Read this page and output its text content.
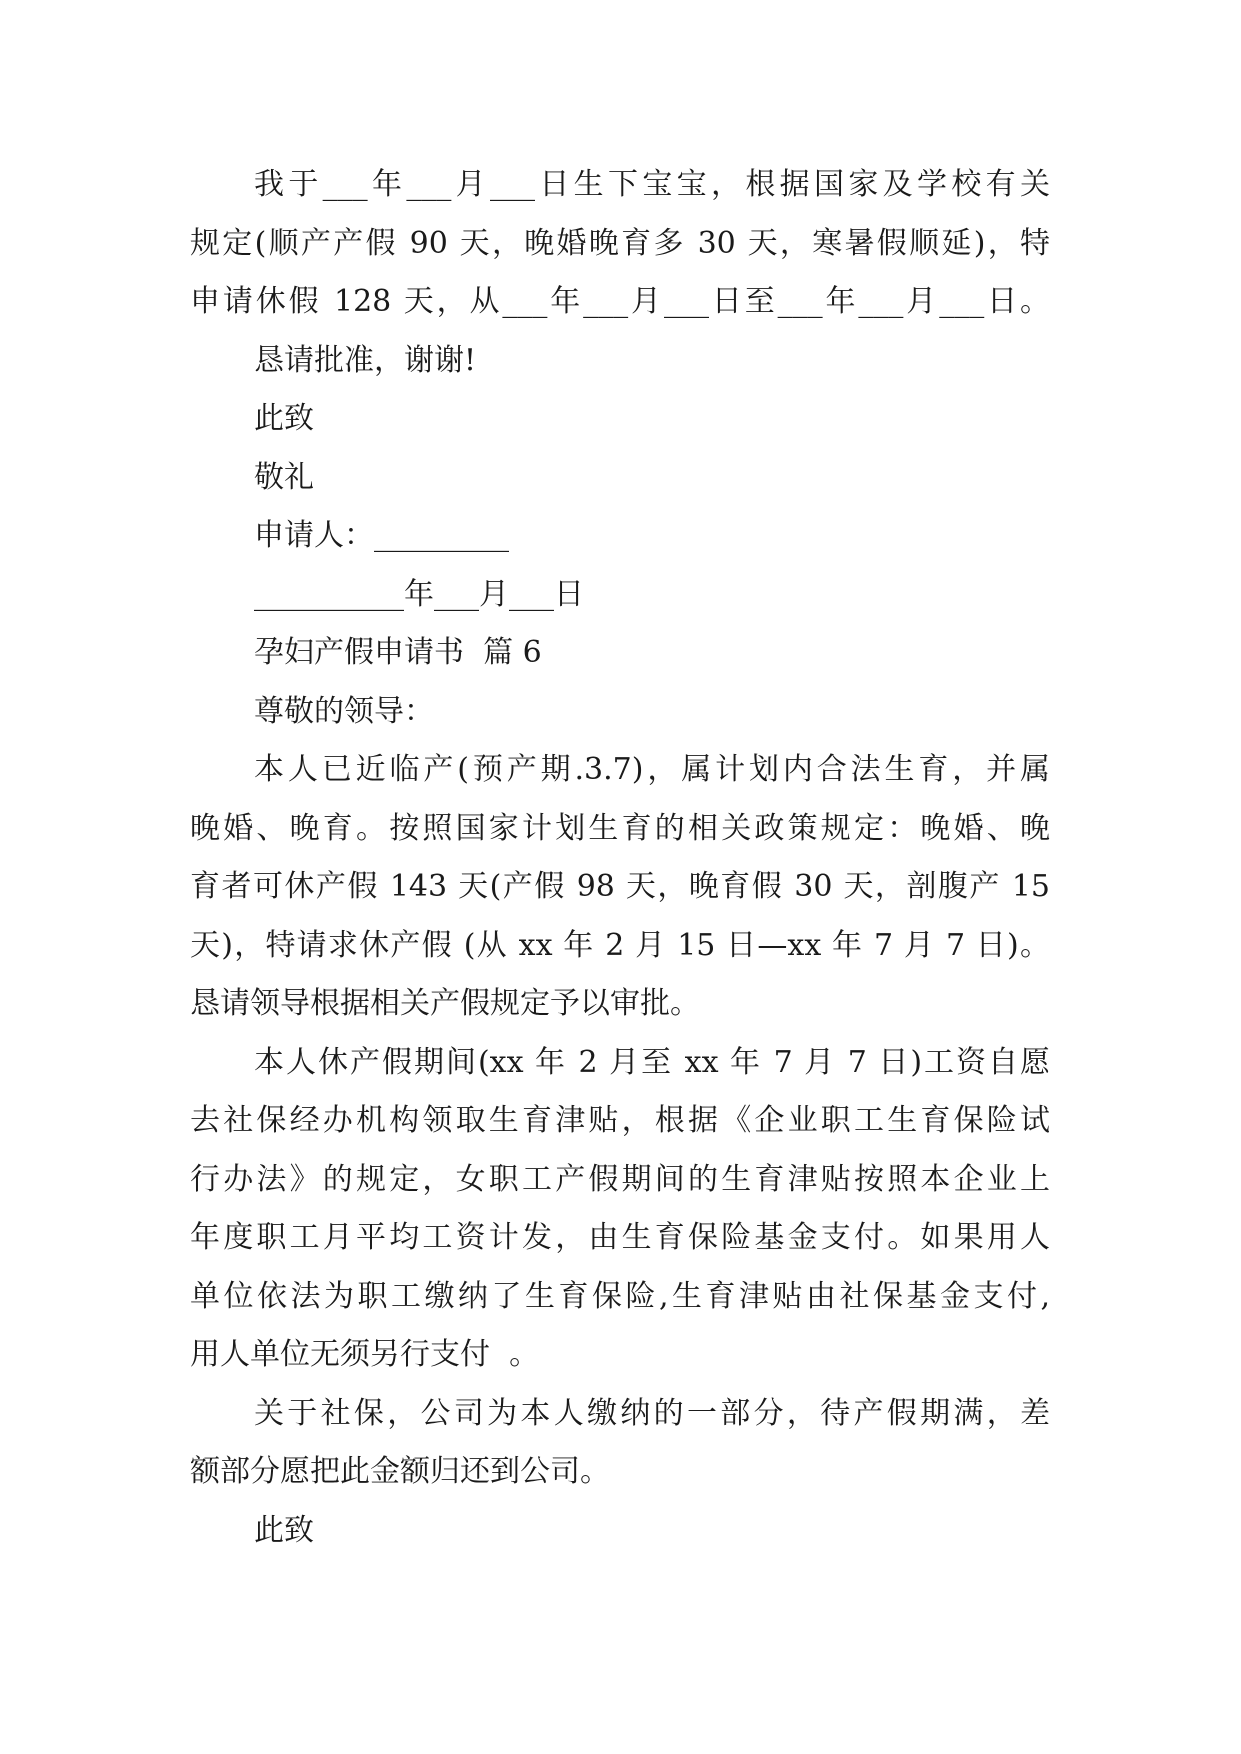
我于___年___月___日生下宝宝，根据国家及学校有关
规定(顺产产假 90 天，晚婚晚育多 30 天，寒暑假顺延)，特
申请休假 128 天，从___年___月___日至___年___月___日。
恳请批准，谢谢!
此致
敬礼
申请人：_________
__________年___月___日
孕妇产假申请书  篇 6
尊敬的领导：
本人已近临产(预产期.3.7)，属计划内合法生育，并属
晚婚、晚育。按照国家计划生育的相关政策规定：晚婚、晚
育者可休产假 143 天(产假 98 天，晚育假 30 天，剖腹产 15
天)，特请求休产假 (从 xx 年 2 月 15 日—xx 年 7 月 7 日)。
恳请领导根据相关产假规定予以审批。
本人休产假期间(xx 年 2 月至 xx 年 7 月 7 日)工资自愿
去社保经办机构领取生育津贴，根据《企业职工生育保险试
行办法》的规定，女职工产假期间的生育津贴按照本企业上
年度职工月平均工资计发，由生育保险基金支付。如果用人
单位依法为职工缴纳了生育保险,生育津贴由社保基金支付,
用人单位无须另行支付  。
关于社保，公司为本人缴纳的一部分，待产假期满，差
额部分愿把此金额归还到公司。
此致
